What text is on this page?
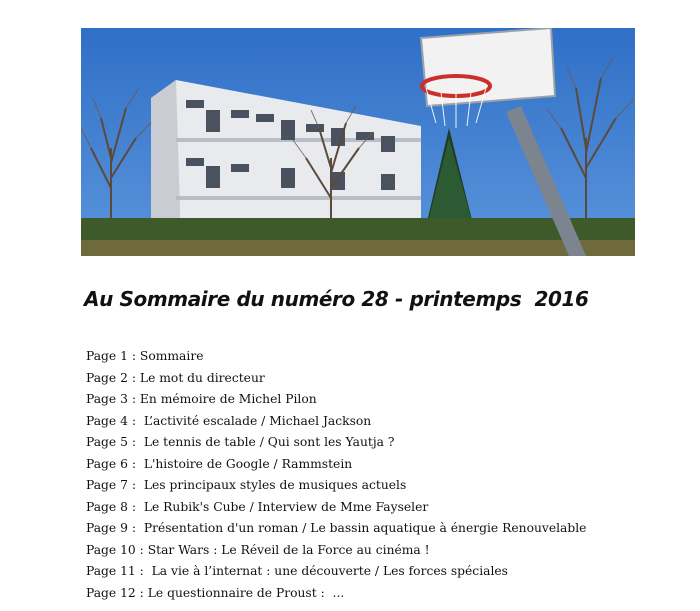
Au Sommaire du numéro 28 - printemps  2016
Page 1 : Sommaire
Page 2 : Le mot du directeur
Page 3 : En mémoire de Michel Pilon
Page 4 :  L’activité escalade / Michael Jackson
Page 5 :  Le tennis de table / Qui sont les Yautja ?
Page 6 :  L'histoire de Google / Rammstein
Page 7 :  Les principaux styles de musiques actuels
Page 8 :  Le Rubik's Cube / Interview de Mme Fayseler
Page 9 :  Présentation d'un roman / Le bassin aquatique à énergie Renouvelable
Page 10 : Star Wars : Le Réveil de la Force au cinéma !
Page 11 :  La vie à l’internat : une découverte / Les forces spéciales
Page 12 : Le questionnaire de Proust :  ...
